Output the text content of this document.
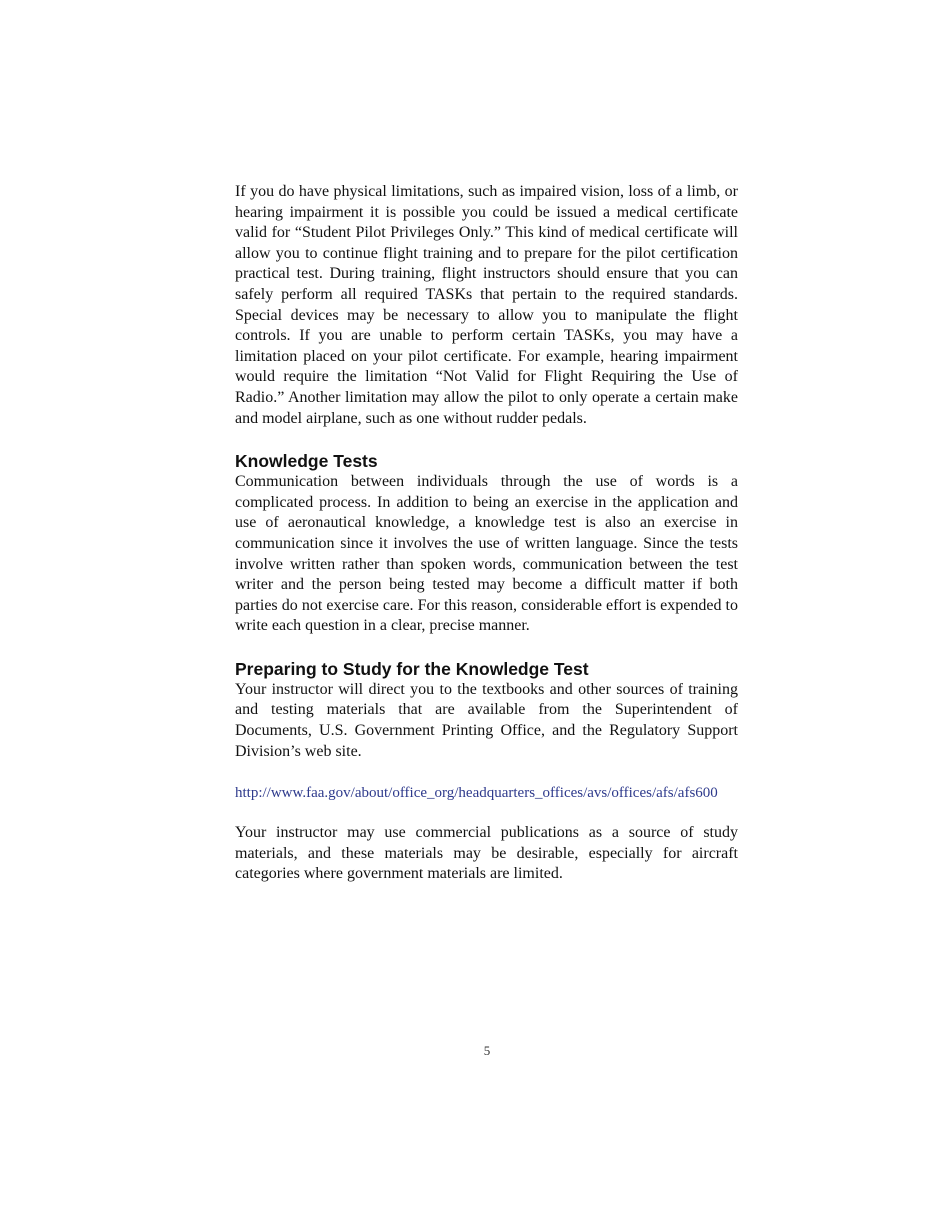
If you do have physical limitations, such as impaired vision, loss of a limb, or hearing impairment it is possible you could be issued a medical certificate valid for “Student Pilot Privileges Only.” This kind of medical certificate will allow you to continue flight training and to prepare for the pilot certification practical test. During training, flight instructors should ensure that you can safely perform all required TASKs that pertain to the required standards. Special devices may be necessary to allow you to manipulate the flight controls. If you are unable to perform certain TASKs, you may have a limitation placed on your pilot certificate. For example, hearing impairment would require the limitation “Not Valid for Flight Requiring the Use of Radio.” Another limitation may allow the pilot to only operate a certain make and model airplane, such as one without rudder pedals.

Knowledge Tests

Communication between individuals through the use of words is a complicated process. In addition to being an exercise in the application and use of aeronautical knowledge, a knowledge test is also an exercise in communication since it involves the use of written language. Since the tests involve written rather than spoken words, communication between the test writer and the person being tested may become a difficult matter if both parties do not exercise care. For this reason, considerable effort is expended to write each question in a clear, precise manner.

Preparing to Study for the Knowledge Test

Your instructor will direct you to the textbooks and other sources of training and testing materials that are available from the Superintendent of Documents, U.S. Government Printing Office, and the Regulatory Support Division’s web site.

http://www.faa.gov/about/office_org/headquarters_offices/avs/offices/afs/afs600

Your instructor may use commercial publications as a source of study materials, and these materials may be desirable, especially for aircraft categories where government materials are limited.

5
